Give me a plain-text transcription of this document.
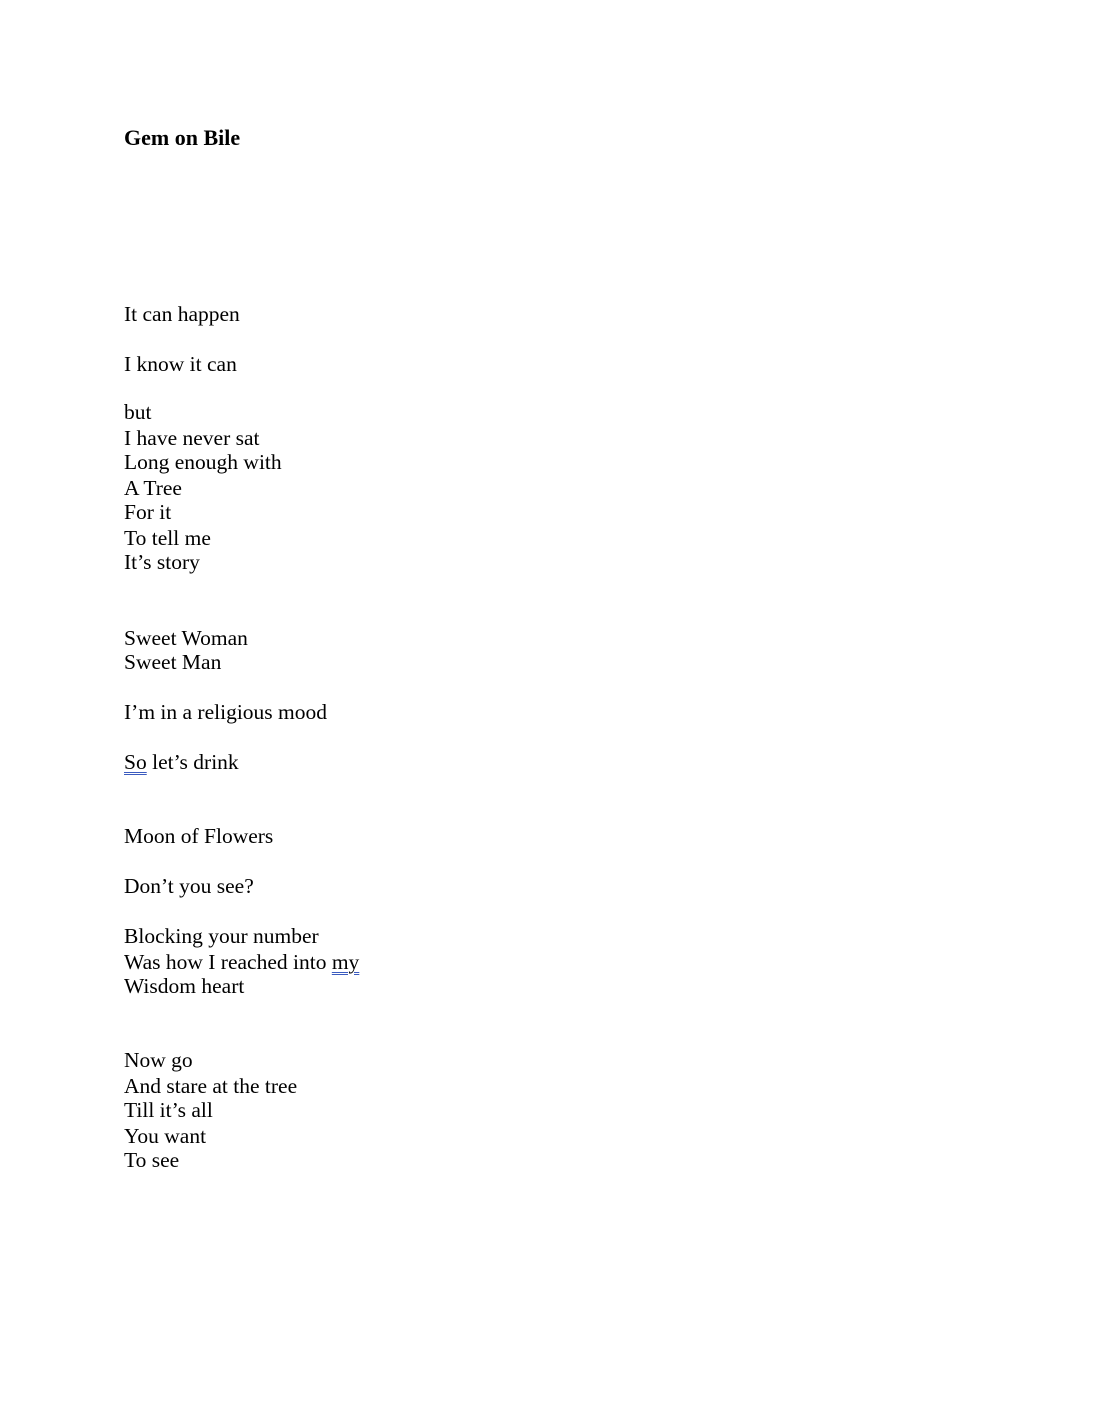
Gem on Bile
It can happen
I know it can
but
I have never sat
Long enough with
A Tree
For it
To tell me
It’s story
Sweet Woman
Sweet Man
I’m in a religious mood
So let’s drink
Moon of Flowers
Don’t you see?
Blocking your number
Was how I reached into my
Wisdom heart
Now go
And stare at the tree
Till it’s all
You want
To see
